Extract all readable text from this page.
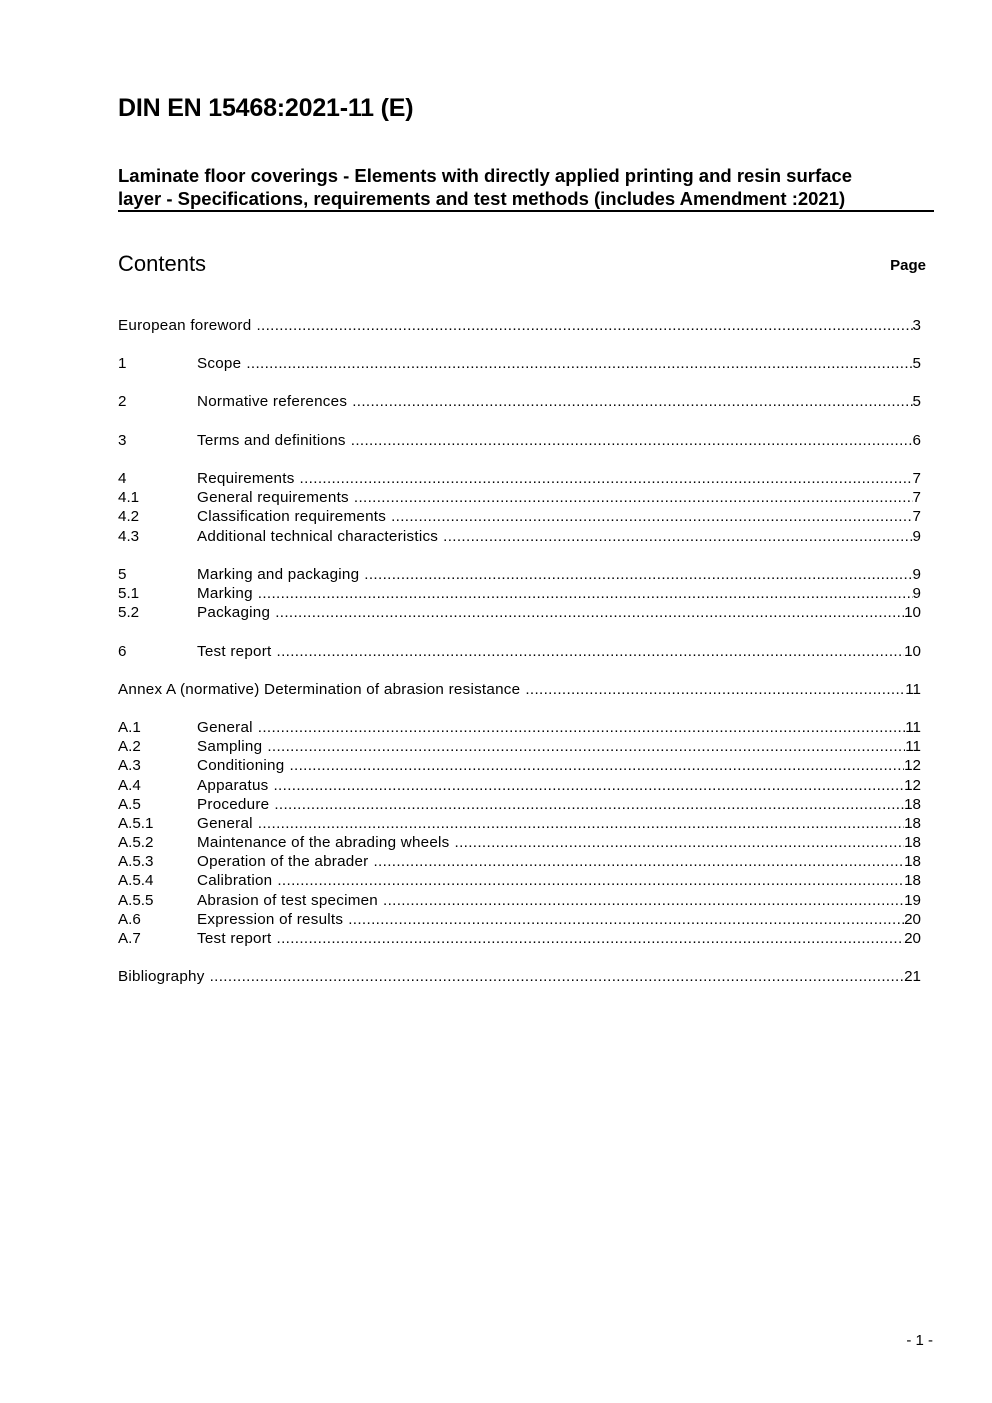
DIN EN 15468:2021-11 (E)
Laminate floor coverings - Elements with directly applied printing and resin surface
layer - Specifications, requirements and test methods (includes Amendment :2021)
Contents	Page
European foreword .....	3
1	Scope .....	5
2	Normative references .....	5
3	Terms and definitions .....	6
4	Requirements .....	7
4.1	General requirements .....	7
4.2	Classification requirements .....	7
4.3	Additional technical characteristics .....	9
5	Marking and packaging .....	9
5.1	Marking .....	9
5.2	Packaging .....	10
6	Test report .....	10
Annex A (normative) Determination of abrasion resistance .....	11
A.1	General .....	11
A.2	Sampling .....	11
A.3	Conditioning .....	12
A.4	Apparatus .....	12
A.5	Procedure .....	18
A.5.1	General .....	18
A.5.2	Maintenance of the abrading wheels .....	18
A.5.3	Operation of the abrader .....	18
A.5.4	Calibration .....	18
A.5.5	Abrasion of test specimen .....	19
A.6	Expression of results .....	20
A.7	Test report .....	20
Bibliography .....	21
- 1 -
